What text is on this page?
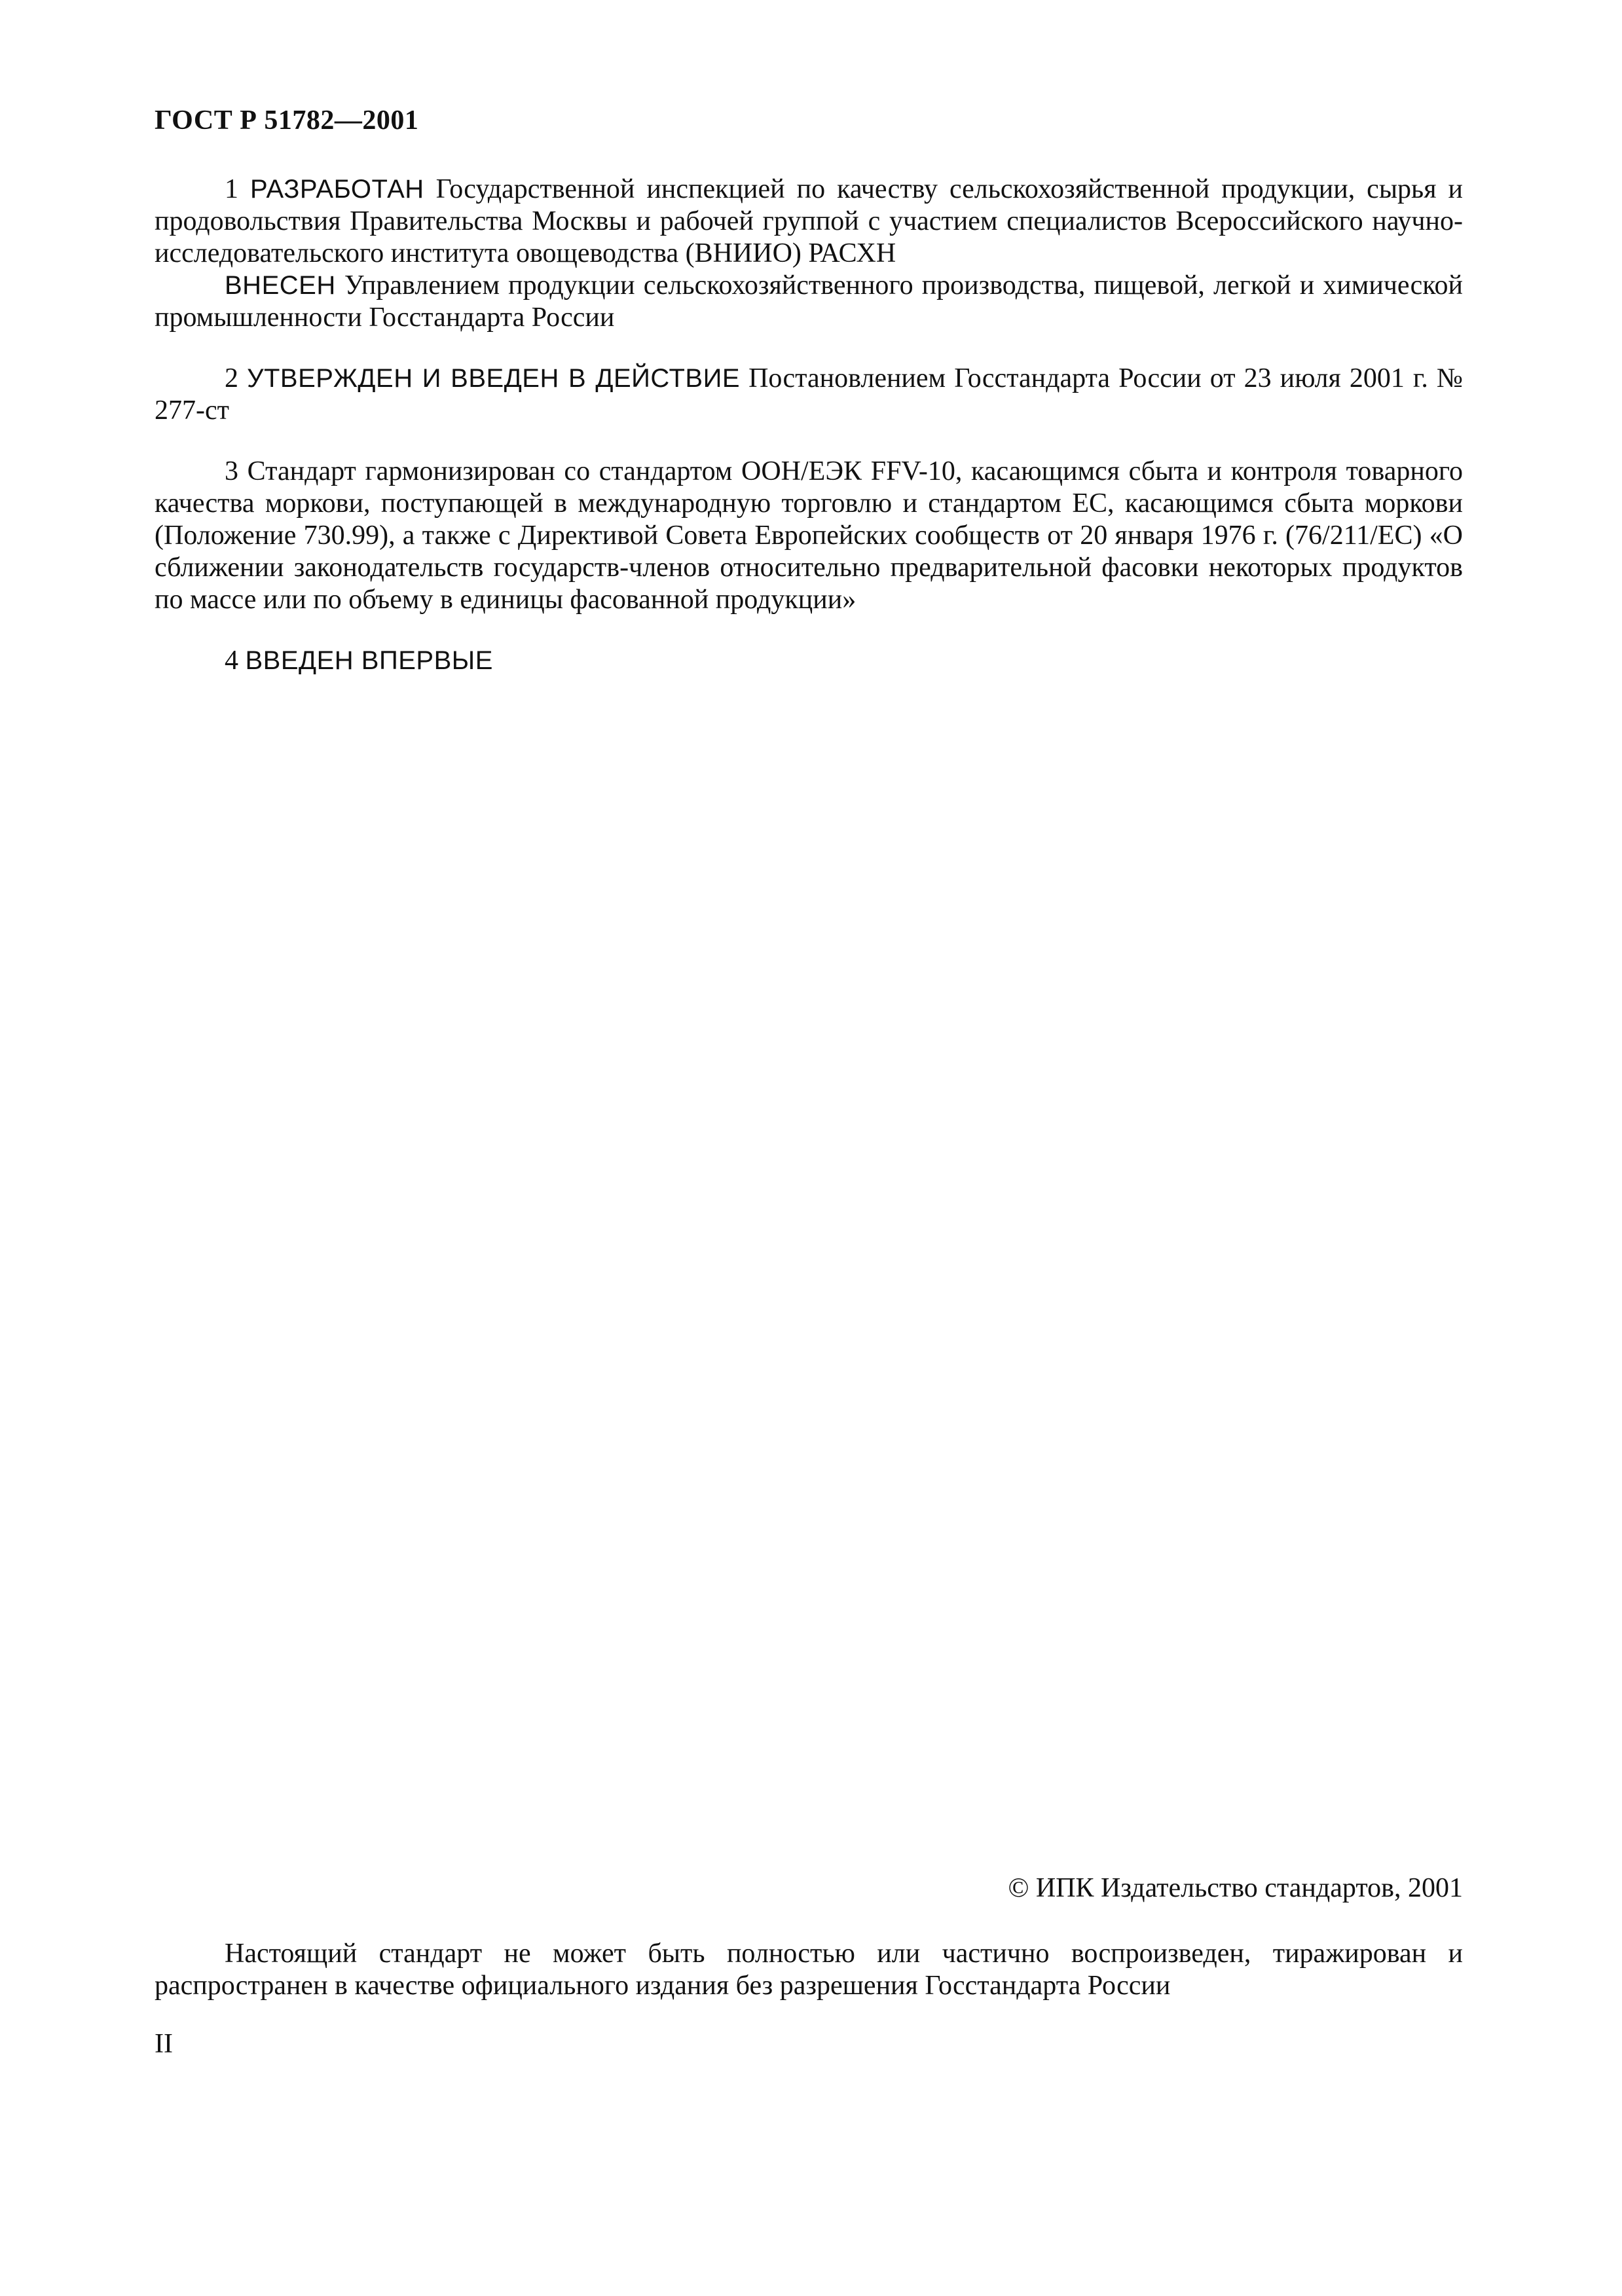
ГОСТ Р 51782—2001

1 РАЗРАБОТАН Государственной инспекцией по качеству сельскохозяйственной продукции, сырья и продовольствия Правительства Москвы и рабочей группой с участием специалистов Всероссийского научно-исследовательского института овощеводства (ВНИИО) РАСХН

ВНЕСЕН Управлением продукции сельскохозяйственного производства, пищевой, легкой и химической промышленности Госстандарта России

2 УТВЕРЖДЕН И ВВЕДЕН В ДЕЙСТВИЕ Постановлением Госстандарта России от 23 июля 2001 г. № 277-ст

3 Стандарт гармонизирован со стандартом ООН/ЕЭК FFV-10, касающимся сбыта и контроля товарного качества моркови, поступающей в международную торговлю и стандартом ЕС, касающимся сбыта моркови (Положение 730.99), а также с Директивой Совета Европейских сообществ от 20 января 1976 г. (76/211/ЕС) «О сближении законодательств государств-членов относительно предварительной фасовки некоторых продуктов по массе или по объему в единицы фасованной продукции»

4 ВВЕДЕН ВПЕРВЫЕ

© ИПК Издательство стандартов, 2001

Настоящий стандарт не может быть полностью или частично воспроизведен, тиражирован и распространен в качестве официального издания без разрешения Госстандарта России

II
